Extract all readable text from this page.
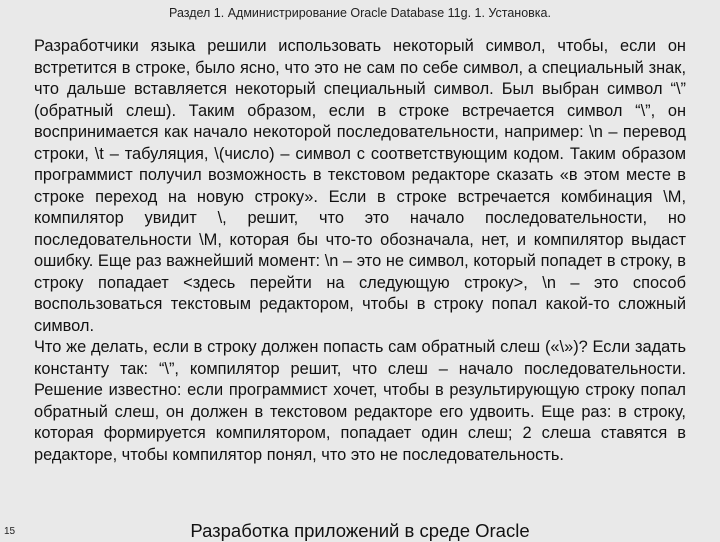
Раздел 1. Администрирование Oracle Database 11g. 1. Установка.

Разработчики языка решили использовать некоторый символ, чтобы, если он встретится в строке, было ясно, что это не сам по себе символ, а специальный знак, что дальше вставляется некоторый специальный символ. Был выбран символ “\” (обратный слеш). Таким образом, если в строке встречается символ “\”, он воспринимается как начало некоторой последовательности, например: \n – перевод строки, \t – табуляция, \(число) – символ с соответствующим кодом. Таким образом программист получил возможность в текстовом редакторе сказать «в этом месте в строке переход на новую строку». Если в строке встречается комбинация \M, компилятор увидит \, решит, что это начало последовательности, но последовательности \M, которая бы что-то обозначала, нет, и компилятор выдаст ошибку. Еще раз важнейший момент: \n – это не символ, который попадет в строку, в строку попадает <здесь перейти на следующую строку>, \n – это способ воспользоваться текстовым редактором, чтобы в строку попал какой-то сложный символ.

Что же делать, если в строку должен попасть сам обратный слеш («\»)? Если задать константу так: “\”, компилятор решит, что слеш – начало последовательности. Решение известно: если программист хочет, чтобы в результирующую строку попал обратный слеш, он должен в текстовом редакторе его удвоить. Еще раз: в строку, которая формируется компилятором, попадает один слеш; 2 слеша ставятся в редакторе, чтобы компилятор понял, что это не последовательность.

15	Разработка приложений в среде Oracle
